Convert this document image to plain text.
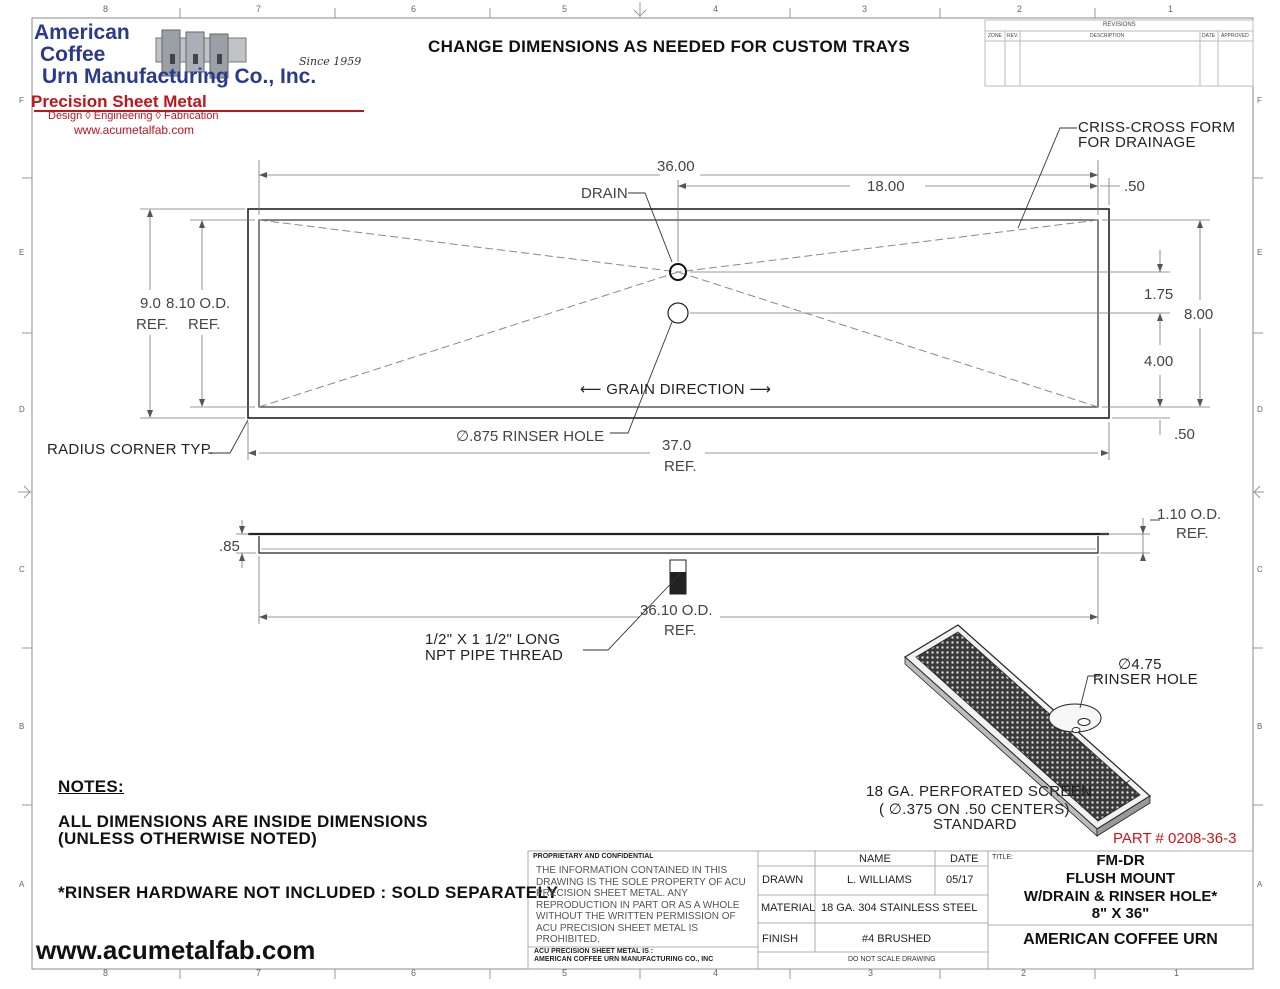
8	7	6	5	4	3	2	1
8	7	6	5	4	3	2	1
F
E
D
C
B
A
F
E
D
C
B
A
American
Coffee
Urn Manufacturing Co., Inc.
Since 1959
Precision Sheet Metal
Design ◊ Engineering ◊ Fabrication
www.acumetalfab.com
CHANGE DIMENSIONS AS NEEDED FOR CUSTOM TRAYS
REVISIONS
ZONE REV.	DESCRIPTION	DATE APPROVED
36.00
18.00	.50
DRAIN
CRISS-CROSS FORM
FOR DRAINAGE
9.0
REF.
8.10 O.D.
REF.
1.75
8.00
4.00
⟵ GRAIN DIRECTION ⟶
∅.875 RINSER HOLE
RADIUS CORNER TYP.	37.0
REF.
.50
.85
1.10 O.D.
REF.
36.10 O.D.
REF.
1/2" X 1 1/2" LONG
NPT PIPE THREAD
∅4.75
RINSER HOLE
18 GA. PERFORATED SCREEN
( ∅.375 ON .50 CENTERS)
STANDARD
PART # 0208-36-3
NOTES:
ALL DIMENSIONS ARE INSIDE DIMENSIONS
(UNLESS OTHERWISE NOTED)
*RINSER HARDWARE NOT INCLUDED : SOLD SEPARATELY
www.acumetalfab.com
PROPRIETARY AND CONFIDENTIAL
THE INFORMATION CONTAINED IN THIS DRAWING IS THE SOLE PROPERTY OF ACU PRECISION SHEET METAL. ANY REPRODUCTION IN PART OR AS A WHOLE WITHOUT THE WRITTEN PERMISSION OF ACU PRECISION SHEET METAL IS PROHIBITED.
ACU PRECISION SHEET METAL IS :
AMERICAN COFFEE URN MANUFACTURING CO., INC
NAME	DATE
DRAWN	L. WILLIAMS	05/17
MATERIAL 18 GA. 304 STAINLESS STEEL
FINISH	#4 BRUSHED
DO NOT SCALE DRAWING
TITLE:	FM-DR
FLUSH MOUNT
W/DRAIN & RINSER HOLE*
8" X 36"
AMERICAN COFFEE URN
